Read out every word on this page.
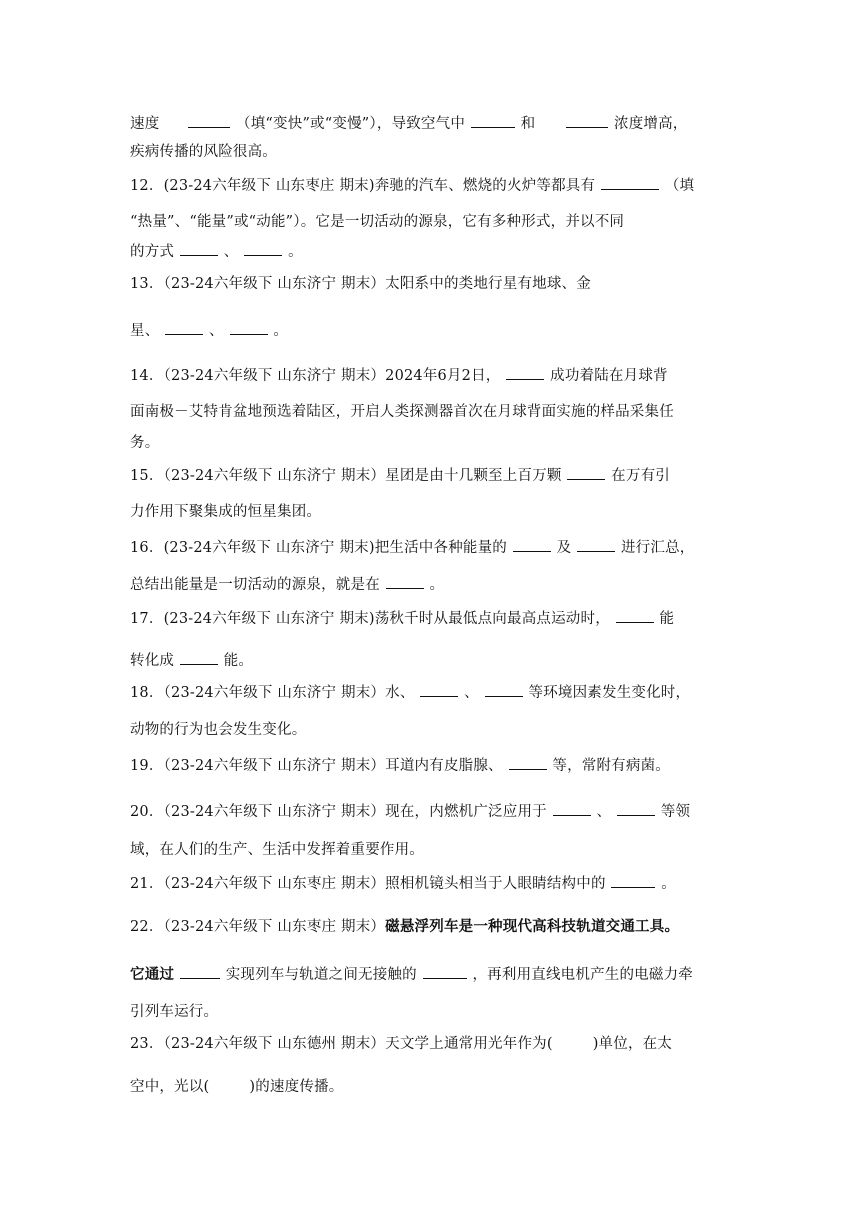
速度	（填“变快”或“变慢”），导致空气中	和	浓度增高，
疾病传播的风险很高。
12．(23-24六年级下 山东枣庄 期末)奔驰的汽车、燃烧的火炉等都具有	（填
“热量”、“能量”或“动能”）。它是一切活动的源泉，它有多种形式，并以不同
的方式	、	。
13．（23-24六年级下 山东济宁 期末）太阳系中的类地行星有地球、金
星、	、	。
14．（23-24六年级下 山东济宁 期末）2024年6月2日，	成功着陆在月球背
面南极－艾特肯盆地预选着陆区，开启人类探测器首次在月球背面实施的样品采集任
务。
15．（23-24六年级下 山东济宁 期末）星团是由十几颗至上百万颗	在万有引
力作用下聚集成的恒星集团。
16．(23-24六年级下 山东济宁 期末)把生活中各种能量的	及	进行汇总，
总结出能量是一切活动的源泉，就是在	。
17．(23-24六年级下 山东济宁 期末)荡秋千时从最低点向最高点运动时，	能
转化成	能。
18．（23-24六年级下 山东济宁 期末）水、	、	等环境因素发生变化时，
动物的行为也会发生变化。
19．（23-24六年级下 山东济宁 期末）耳道内有皮脂腺、	等，常附有病菌。
20．（23-24六年级下 山东济宁 期末）现在，内燃机广泛应用于	、	等领
域，在人们的生产、生活中发挥着重要作用。
21．（23-24六年级下 山东枣庄 期末）照相机镜头相当于人眼睛结构中的	。
22．（23-24六年级下 山东枣庄 期末）磁悬浮列车是一种现代高科技轨道交通工具。
它通过	实现列车与轨道之间无接触的	，再利用直线电机产生的电磁力牵
引列车运行。
23．（23-24六年级下 山东德州 期末）天文学上通常用光年作为(	)单位，在太
空中，光以(	)的速度传播。
